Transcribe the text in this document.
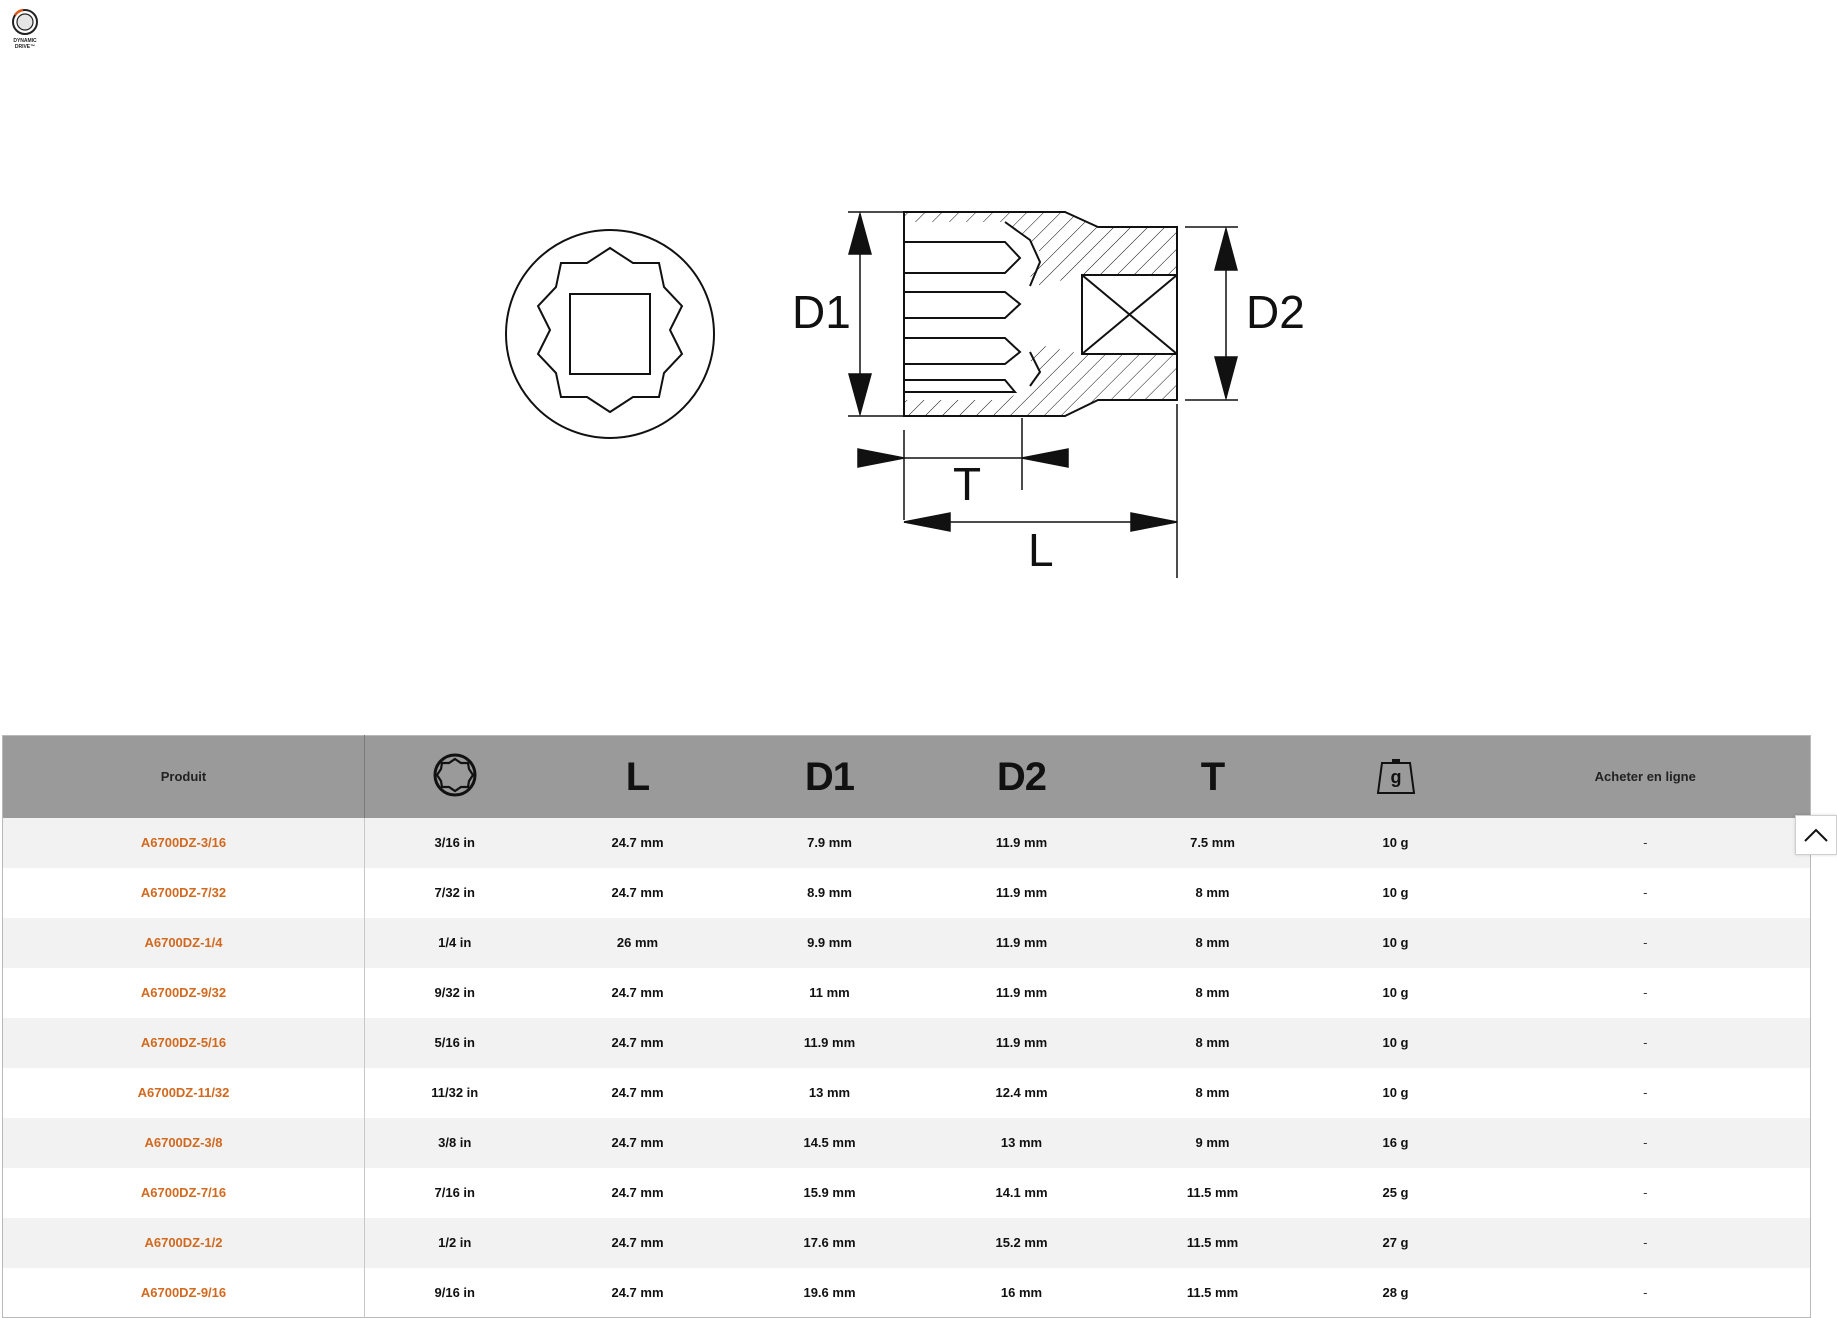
DYNAMIC
DRIVE™
D1	D2
T
L
Produit		L	D1	D2	T	g	Acheter en ligne
A6700DZ-3/16	3/16 in	24.7 mm	7.9 mm	11.9 mm	7.5 mm	10 g	-
A6700DZ-7/32	7/32 in	24.7 mm	8.9 mm	11.9 mm	8 mm	10 g	-
A6700DZ-1/4	1/4 in	26 mm	9.9 mm	11.9 mm	8 mm	10 g	-
A6700DZ-9/32	9/32 in	24.7 mm	11 mm	11.9 mm	8 mm	10 g	-
A6700DZ-5/16	5/16 in	24.7 mm	11.9 mm	11.9 mm	8 mm	10 g	-
A6700DZ-11/32	11/32 in	24.7 mm	13 mm	12.4 mm	8 mm	10 g	-
A6700DZ-3/8	3/8 in	24.7 mm	14.5 mm	13 mm	9 mm	16 g	-
A6700DZ-7/16	7/16 in	24.7 mm	15.9 mm	14.1 mm	11.5 mm	25 g	-
A6700DZ-1/2	1/2 in	24.7 mm	17.6 mm	15.2 mm	11.5 mm	27 g	-
A6700DZ-9/16	9/16 in	24.7 mm	19.6 mm	16 mm	11.5 mm	28 g	-
